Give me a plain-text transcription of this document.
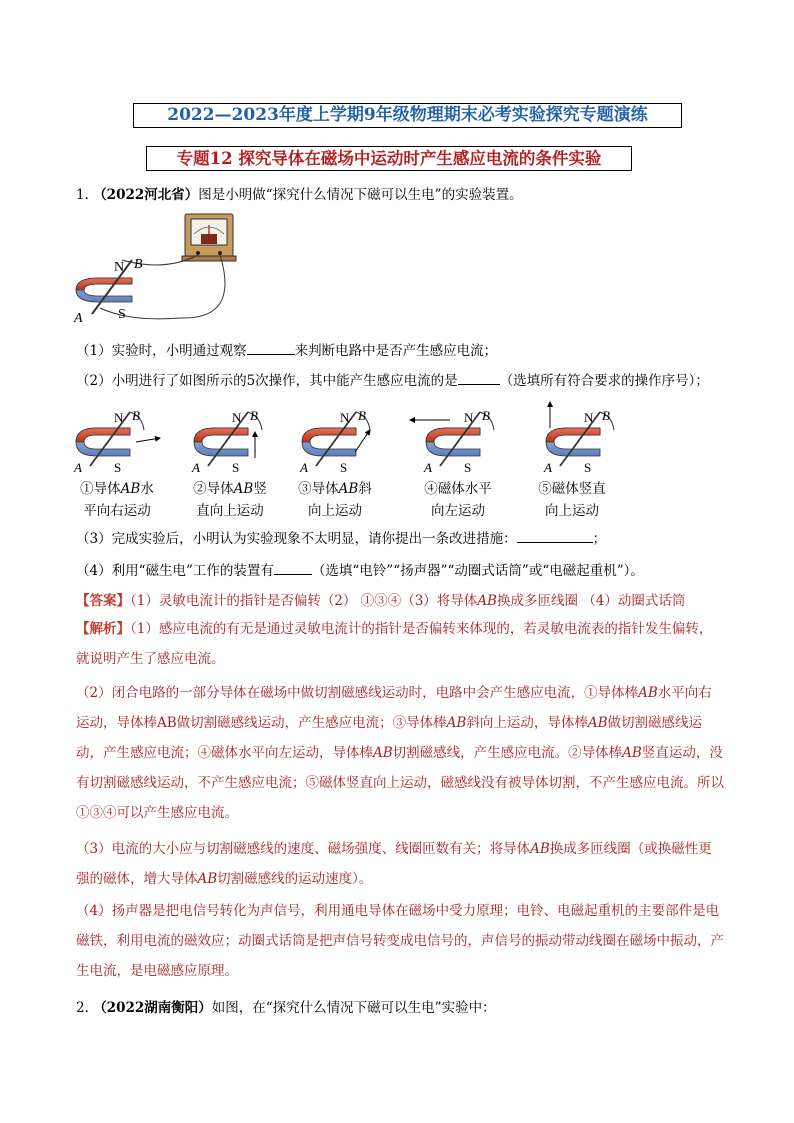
2022—2023年度上学期9年级物理期末必考实验探究专题演练
专题12 探究导体在磁场中运动时产生感应电流的条件实验
1. （2022河北省）图是小明做“探究什么情况下磁可以生电”的实验装置。
N B
A	S
（1）实验时，小明通过观察	来判断电路中是否产生感应电流；
（2）小明进行了如图所示的5次操作，其中能产生感应电流的是	（选填所有符合要求的操作序号）；
N B
A S
①导体AB水
平向右运动
②导体AB竖
直向上运动
③导体AB斜
向上运动
④磁体水平
向左运动
⑤磁体竖直
向上运动
（3）完成实验后，小明认为实验现象不太明显，请你提出一条改进措施：	；
（4）利用“磁生电”工作的装置有	（选填“电铃”“扬声器”“动圈式话筒”或“电磁起重机”）。
【答案】（1）灵敏电流计的指针是否偏转（2） ①③④（3）将导体AB换成多匝线圈 （4）动圈式话筒
【解析】（1）感应电流的有无是通过灵敏电流计的指针是否偏转来体现的，若灵敏电流表的指针发生偏转，就说明产生了感应电流。
（2）闭合电路的一部分导体在磁场中做切割磁感线运动时，电路中会产生感应电流，①导体棒AB水平向右运动，导体棒AB做切割磁感线运动，产生感应电流；③导体棒AB斜向上运动，导体棒AB做切割磁感线运动，产生感应电流；④磁体水平向左运动，导体棒AB切割磁感线，产生感应电流。②导体棒AB竖直运动，没有切割磁感线运动，不产生感应电流；⑤磁体竖直向上运动，磁感线没有被导体切割，不产生感应电流。所以①③④可以产生感应电流。
（3）电流的大小应与切割磁感线的速度、磁场强度、线圈匝数有关；将导体AB换成多匝线圈（或换磁性更强的磁体，增大导体AB切割磁感线的运动速度）。
（4）扬声器是把电信号转化为声信号，利用通电导体在磁场中受力原理；电铃、电磁起重机的主要部件是电磁铁，利用电流的磁效应；动圈式话筒是把声信号转变成电信号的，声信号的振动带动线圈在磁场中振动，产生电流，是电磁感应原理。
2. （2022湖南衡阳）如图，在“探究什么情况下磁可以生电”实验中：
